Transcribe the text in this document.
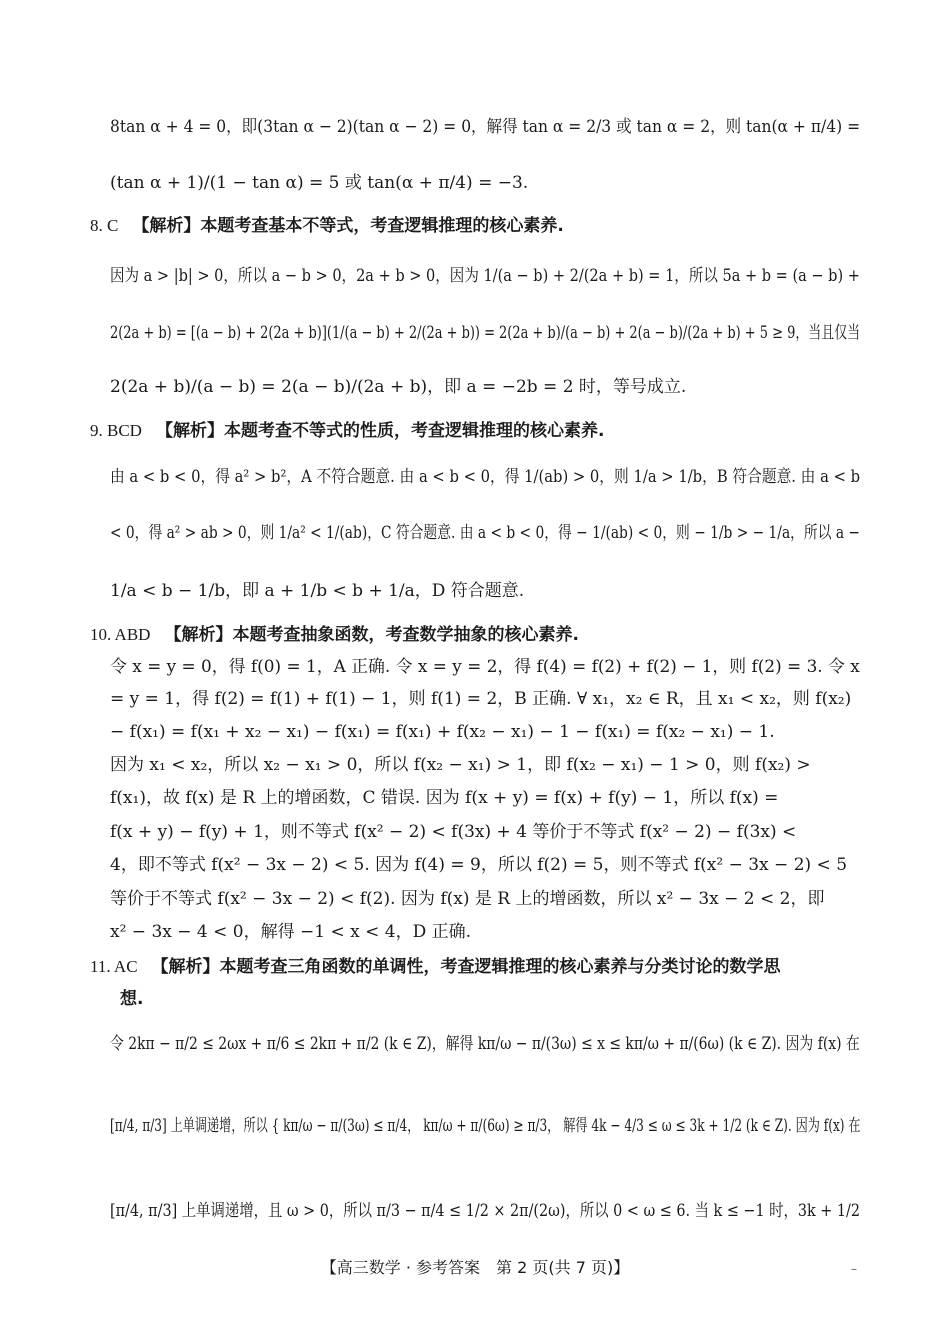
8tan α + 4 = 0，即(3tan α − 2)(tan α − 2) = 0，解得 tan α = 2/3 或 tan α = 2，则 tan(α + π/4) =
(tan α + 1)/(1 − tan α) = 5 或 tan(α + π/4) = −3.
8. C 【解析】本题考查基本不等式，考查逻辑推理的核心素养.
因为 a > |b| > 0，所以 a − b > 0，2a + b > 0，因为 1/(a − b) + 2/(2a + b) = 1，所以 5a + b = (a − b) +
2(2a + b) = [(a − b) + 2(2a + b)](1/(a − b) + 2/(2a + b)) = 2(2a + b)/(a − b) + 2(a − b)/(2a + b) + 5 ≥ 9，当且仅当
2(2a + b)/(a − b) = 2(a − b)/(2a + b)，即 a = −2b = 2 时，等号成立.
9. BCD 【解析】本题考查不等式的性质，考查逻辑推理的核心素养.
由 a < b < 0，得 a² > b²，A 不符合题意. 由 a < b < 0，得 1/(ab) > 0，则 1/a > 1/b，B 符合题意. 由 a < b
< 0，得 a² > ab > 0，则 1/a² < 1/(ab)，C 符合题意. 由 a < b < 0，得 − 1/(ab) < 0，则 − 1/b > − 1/a，所以 a −
1/a < b − 1/b，即 a + 1/b < b + 1/a，D 符合题意.
10. ABD 【解析】本题考查抽象函数，考查数学抽象的核心素养.
令 x = y = 0，得 f(0) = 1，A 正确. 令 x = y = 2，得 f(4) = f(2) + f(2) − 1，则 f(2) = 3. 令 x
= y = 1，得 f(2) = f(1) + f(1) − 1，则 f(1) = 2，B 正确. ∀ x₁，x₂ ∈ R，且 x₁ < x₂，则 f(x₂)
− f(x₁) = f(x₁ + x₂ − x₁) − f(x₁) = f(x₁) + f(x₂ − x₁) − 1 − f(x₁) = f(x₂ − x₁) − 1.
因为 x₁ < x₂，所以 x₂ − x₁ > 0，所以 f(x₂ − x₁) > 1，即 f(x₂ − x₁) − 1 > 0，则 f(x₂) >
f(x₁)，故 f(x) 是 R 上的增函数，C 错误. 因为 f(x + y) = f(x) + f(y) − 1，所以 f(x) =
f(x + y) − f(y) + 1，则不等式 f(x² − 2) < f(3x) + 4 等价于不等式 f(x² − 2) − f(3x) <
4，即不等式 f(x² − 3x − 2) < 5. 因为 f(4) = 9，所以 f(2) = 5，则不等式 f(x² − 3x − 2) < 5
等价于不等式 f(x² − 3x − 2) < f(2). 因为 f(x) 是 R 上的增函数，所以 x² − 3x − 2 < 2，即
x² − 3x − 4 < 0，解得 −1 < x < 4，D 正确.
11. AC 【解析】本题考查三角函数的单调性，考查逻辑推理的核心素养与分类讨论的数学思
想.
令 2kπ − π/2 ≤ 2ωx + π/6 ≤ 2kπ + π/2 (k ∈ Z)，解得 kπ/ω − π/(3ω) ≤ x ≤ kπ/ω + π/(6ω) (k ∈ Z). 因为 f(x) 在
[π/4, π/3] 上单调递增，所以 { kπ/ω − π/(3ω) ≤ π/4， kπ/ω + π/(6ω) ≥ π/3， 解得 4k − 4/3 ≤ ω ≤ 3k + 1/2 (k ∈ Z). 因为 f(x) 在
[π/4, π/3] 上单调递增，且 ω > 0，所以 π/3 − π/4 ≤ 1/2 × 2π/(2ω)，所以 0 < ω ≤ 6. 当 k ≤ −1 时，3k + 1/2
【高三数学 · 参考答案　第 2 页(共 7 页)】	–
